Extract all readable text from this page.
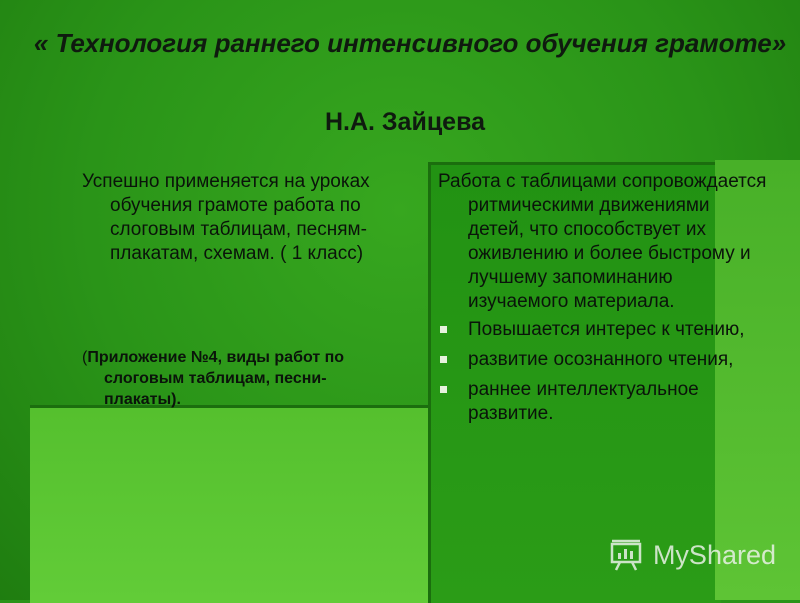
« Технология раннего интенсивного обучения грамоте»
Н.А. Зайцева

Успешно применяется на уроках обучения грамоте работа по слоговым таблицам, песням-плакатам, схемам. ( 1 класс)

(Приложение №4, виды работ по слоговым таблицам, песни-плакаты).

Работа с таблицами сопровождается ритмическими движениями детей, что способствует их оживлению и более быстрому и лучшему запоминанию изучаемого материала.

Повышается интерес к чтению,
развитие осознанного чтения,
раннее интеллектуальное развитие.
MyShared
